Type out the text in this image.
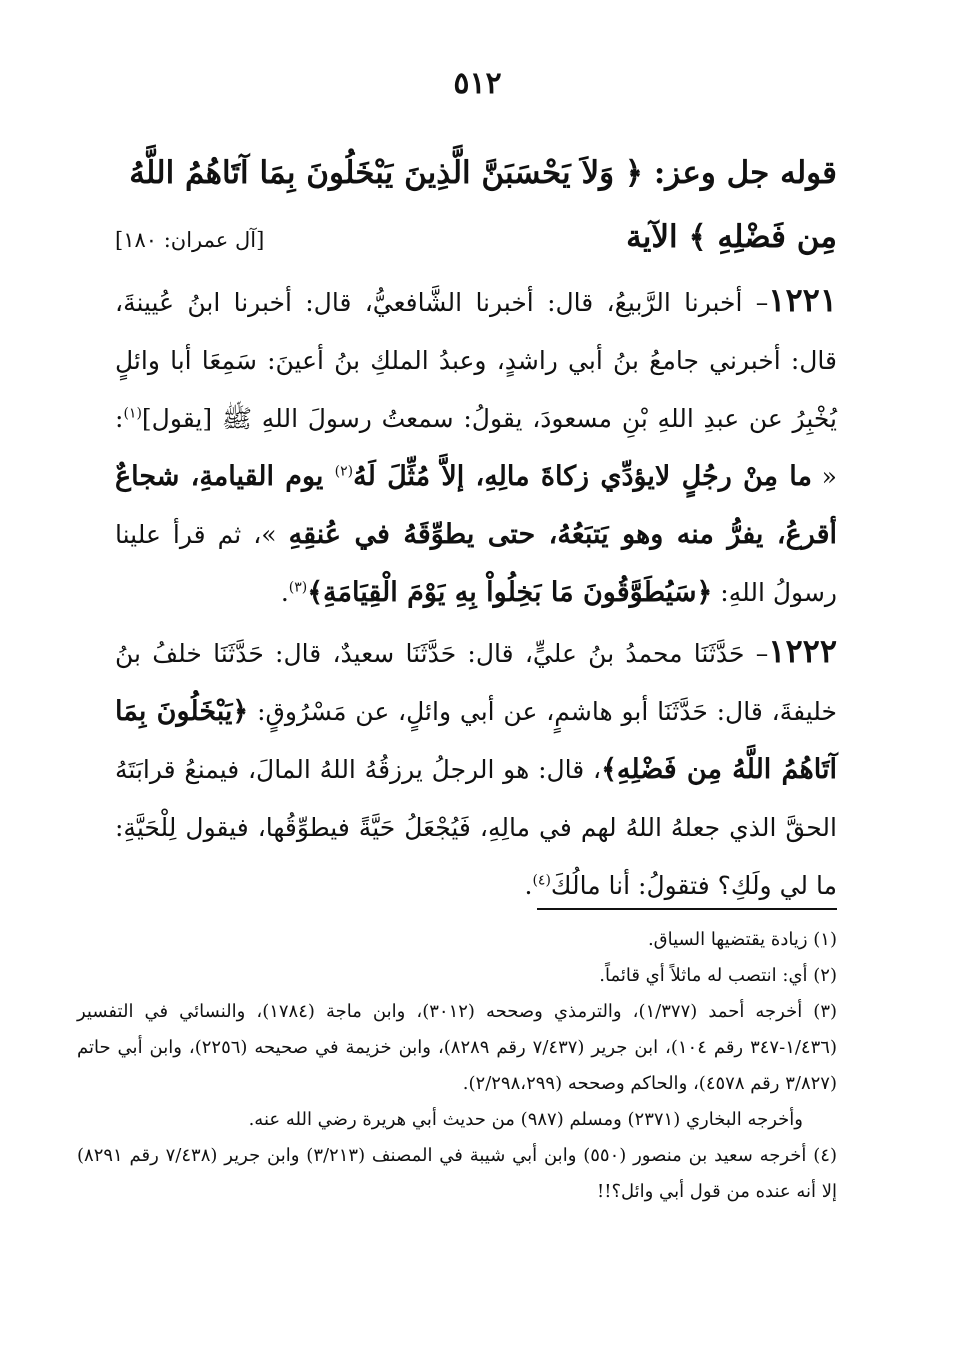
٥١٢

قوله جل وعز: ﴿ وَلاَ يَحْسَبَنَّ الَّذِينَ يَبْخَلُونَ بِمَا آتَاهُمُ اللَّهُ

مِن فَضْلِهِ ﴾ الآية
[آل عمران: ١٨٠]

١٢٢١– أخبرنا الرَّبيعُ، قال: أخبرنا الشَّافعيُّ، قال: أخبرنا ابنُ عُيينةَ، قال: أخبرني جامعُ بنُ أبي راشدٍ، وعبدُ الملكِ بنُ أعينَ: سَمِعَا أبا وائلٍ يُخْبِرُ عن عبدِ اللهِ بْنِ مسعودَ، يقولُ: سمعتُ رسولَ اللهِ ﷺ [يقول]$^{(١)}$: « ما مِنْ رجُلٍ لايؤدِّي زكاةَ مالِهِ، إلاَّ مُثِّلَ لَهُ$^{(٢)}$ يوم القيامةِ، شجاعٌ أقرعُ، يفرُّ منه وهو يَتبَعُهُ، حتى يطوِّقَهُ في عُنقِهِ »، ثم قرأ علينا رسولُ اللهِ: ﴿سَيُطَوَّقُونَ مَا بَخِلُواْ بِهِ يَوْمَ الْقِيَامَةِ﴾$^{(٣)}$.

١٢٢٢– حَدَّثَنَا محمدُ بنُ عليٍّ، قال: حَدَّثَنَا سعيدٌ، قال: حَدَّثَنَا خلفُ بنُ خليفةَ، قال: حَدَّثَنَا أبو هاشمٍ، عن أبي وائلٍ، عن مَسْرُوقٍ: ﴿يَبْخَلُونَ بِمَا آتَاهُمُ اللَّهُ مِن فَضْلِهِ﴾، قال: هو الرجلُ يرزقُهُ اللهُ المالَ، فيمنعُ قرابَتَهُ الحقَّ الذي جعلهُ اللهُ لهم في مالِهِ، فَيُجْعَلُ حَيَّةً فيطوِّقُها، فيقول لِلْحَيَّةِ: ما لي ولَكِ؟ فتقولُ: أنا مالُكَ$^{(٤)}$.

(١) زيادة يقتضيها السياق.

(٢) أي: انتصب له ماثلاً أي قائماً.

(٣) أخرجه أحمد (١/٣٧٧)، والترمذي وصححه (٣٠١٢)، وابن ماجة (١٧٨٤)، والنسائي في التفسير (١/٤٣٦-٣٤٧ رقم ١٠٤)، ابن جرير (٧/٤٣٧ رقم ٨٢٨٩)، وابن خزيمة في صحيحه (٢٢٥٦)، وابن أبي حاتم (٣/٨٢٧ رقم ٤٥٧٨)، والحاكم وصححه (٢/٢٩٨،٢٩٩).

وأخرجه البخاري (٢٣٧١) ومسلم (٩٨٧) من حديث أبي هريرة رضي الله عنه.

(٤) أخرجه سعيد بن منصور (٥٥٠) وابن أبي شيبة في المصنف (٣/٢١٣) وابن جرير (٧/٤٣٨ رقم ٨٢٩١) إلا أنه عنده من قول أبي وائل؟!!
